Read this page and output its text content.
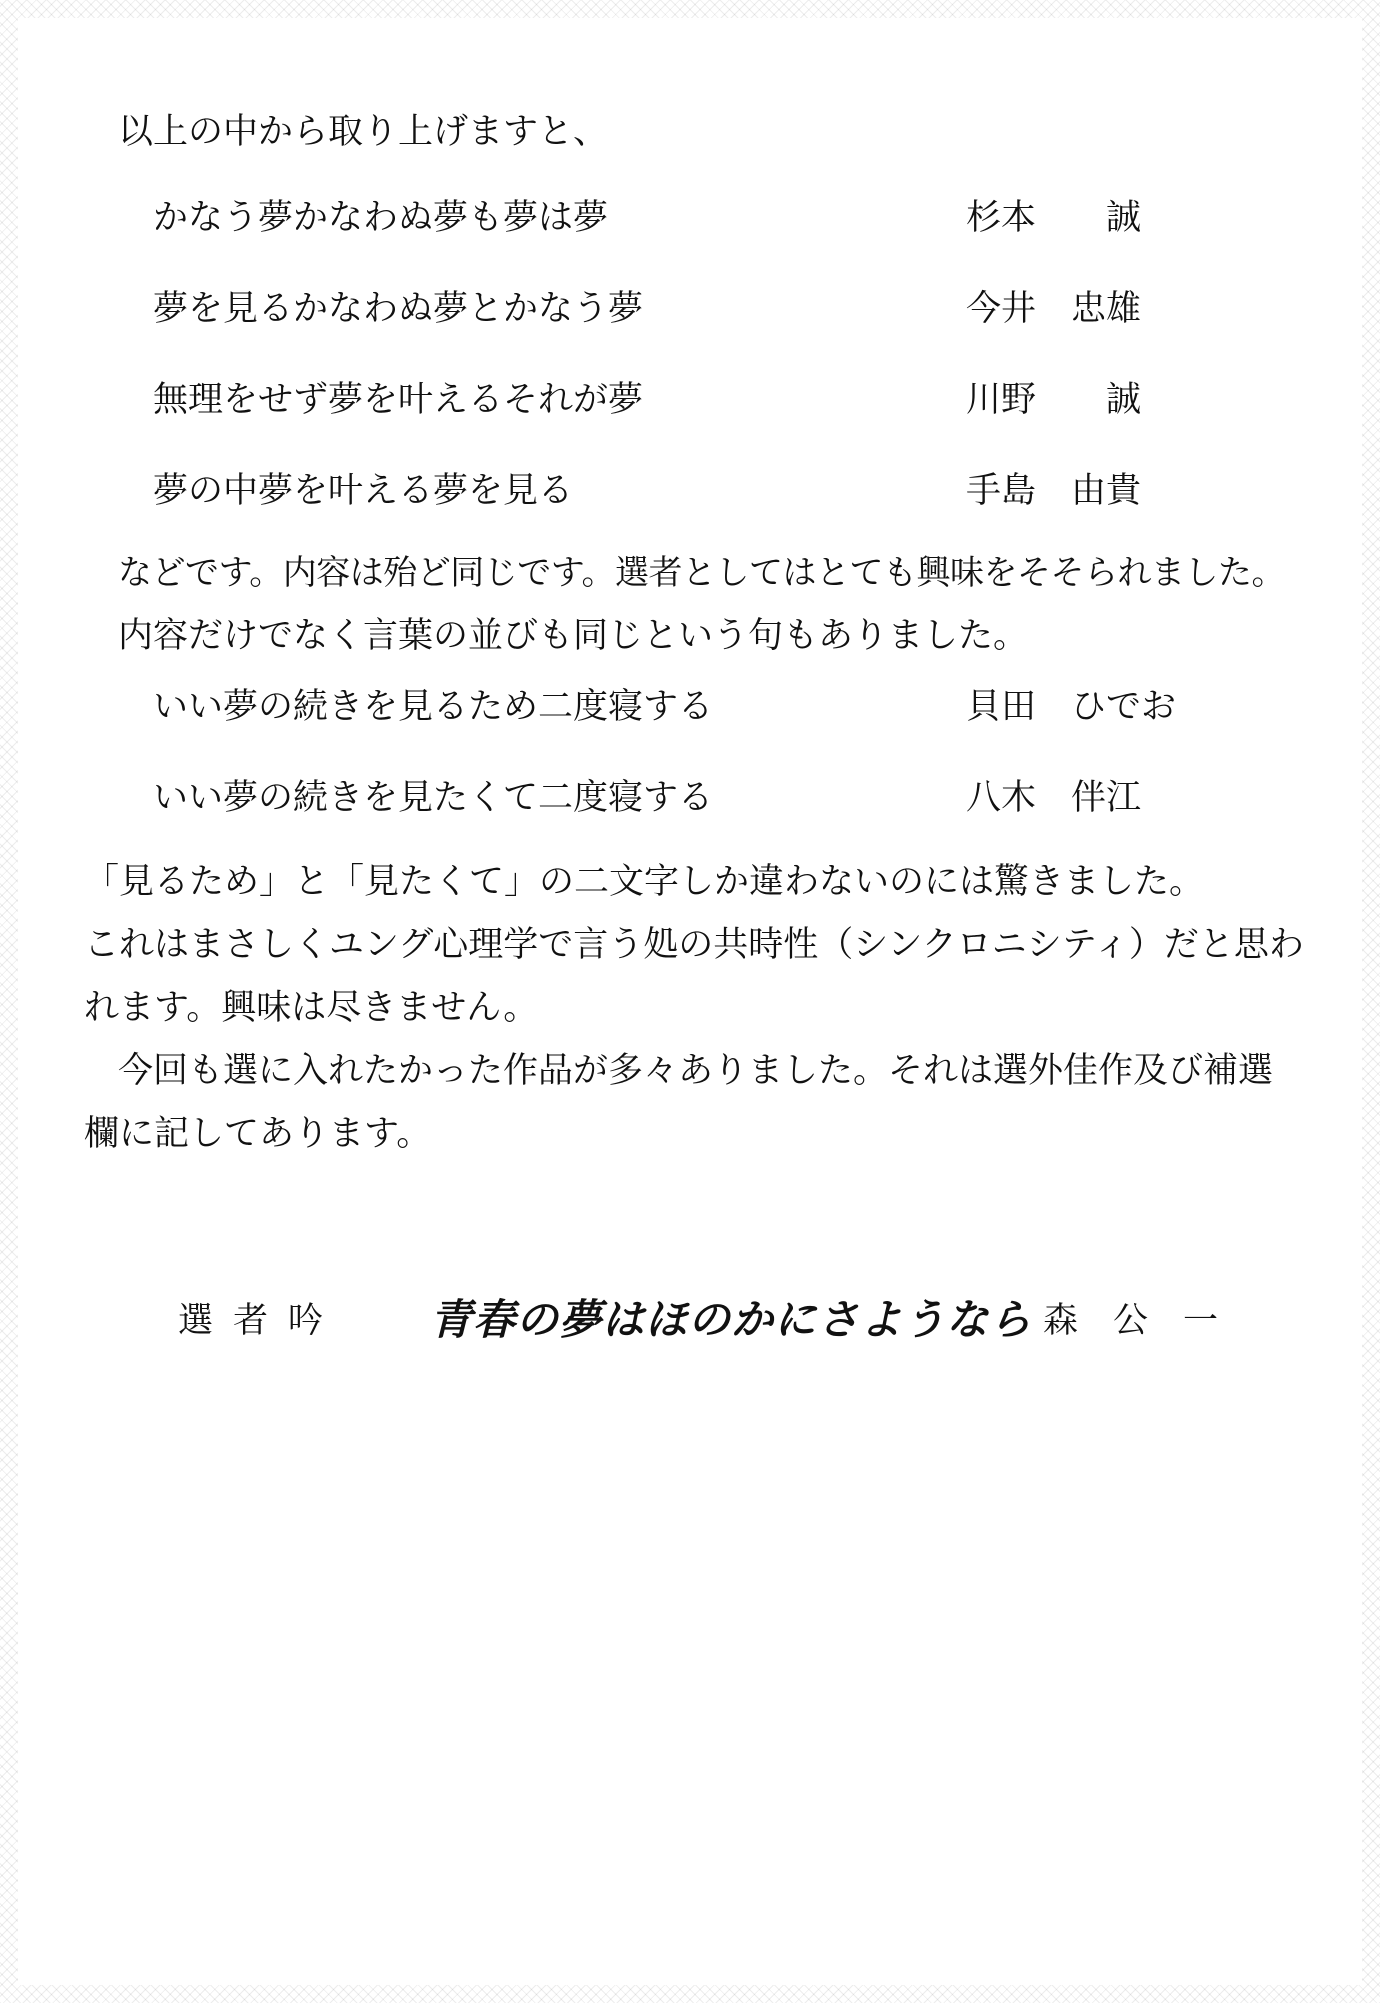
以上の中から取り上げますと、
かなう夢かなわぬ夢も夢は夢	杉本　　誠
夢を見るかなわぬ夢とかなう夢	今井　忠雄
無理をせず夢を叶えるそれが夢	川野　　誠
夢の中夢を叶える夢を見る	手島　由貴
などです。内容は殆ど同じです。選者としてはとても興味をそそられました。
内容だけでなく言葉の並びも同じという句もありました。
いい夢の続きを見るため二度寝する	貝田　ひでお
いい夢の続きを見たくて二度寝する	八木　伴江
「見るため」と「見たくて」の二文字しか違わないのには驚きました。
これはまさしくユング心理学で言う処の共時性（シンクロニシティ）だと思わ
れます。興味は尽きません。
今回も選に入れたかった作品が多々ありました。それは選外佳作及び補選
欄に記してあります。
選者吟 青春の夢はほのかにさようなら 森　公　一
